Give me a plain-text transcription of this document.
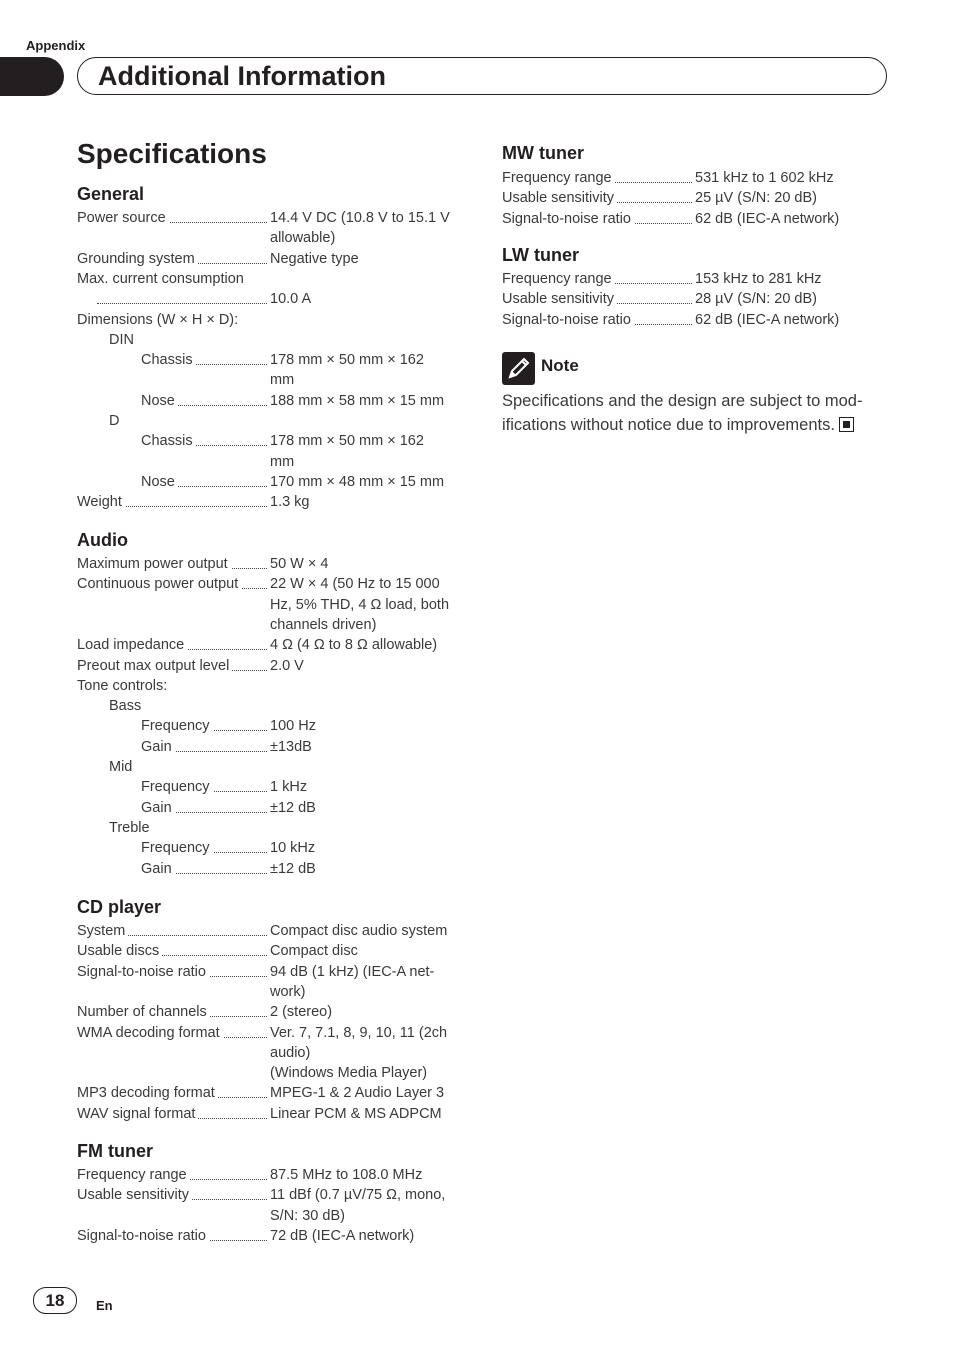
Appendix
Additional Information
Specifications
General
Power source	14.4 V DC (10.8 V to 15.1 V
allowable)
Grounding system	Negative type
Max. current consumption
10.0 A
Dimensions (W × H × D):
DIN
Chassis	178 mm × 50 mm × 162
mm
Nose	188 mm × 58 mm × 15 mm
D
Chassis	178 mm × 50 mm × 162
mm
Nose	170 mm × 48 mm × 15 mm
Weight	1.3 kg
Audio
Maximum power output	50 W × 4
Continuous power output 22 W × 4 (50 Hz to 15 000
Hz, 5% THD, 4 Ω load, both
channels driven)
Load impedance	4 Ω (4 Ω to 8 Ω allowable)
Preout max output level	2.0 V
Tone controls:
Bass
Frequency	100 Hz
Gain	±13dB
Mid
Frequency	1 kHz
Gain	±12 dB
Treble
Frequency	10 kHz
Gain	±12 dB
CD player
System	Compact disc audio system
Usable discs	Compact disc
Signal-to-noise ratio	94 dB (1 kHz) (IEC-A net-
work)
Number of channels	2 (stereo)
WMA decoding format	Ver. 7, 7.1, 8, 9, 10, 11 (2ch
audio)
(Windows Media Player)
MP3 decoding format	MPEG-1 & 2 Audio Layer 3
WAV signal format	Linear PCM & MS ADPCM
FM tuner
Frequency range	87.5 MHz to 108.0 MHz
Usable sensitivity	11 dBf (0.7 µV/75 Ω, mono,
S/N: 30 dB)
Signal-to-noise ratio	72 dB (IEC-A network)
MW tuner
Frequency range	531 kHz to 1 602 kHz
Usable sensitivity	25 µV (S/N: 20 dB)
Signal-to-noise ratio	62 dB (IEC-A network)
LW tuner
Frequency range	153 kHz to 281 kHz
Usable sensitivity	28 µV (S/N: 20 dB)
Signal-to-noise ratio	62 dB (IEC-A network)
Note
Specifications and the design are subject to mod-ifications without notice due to improvements.
18	En
